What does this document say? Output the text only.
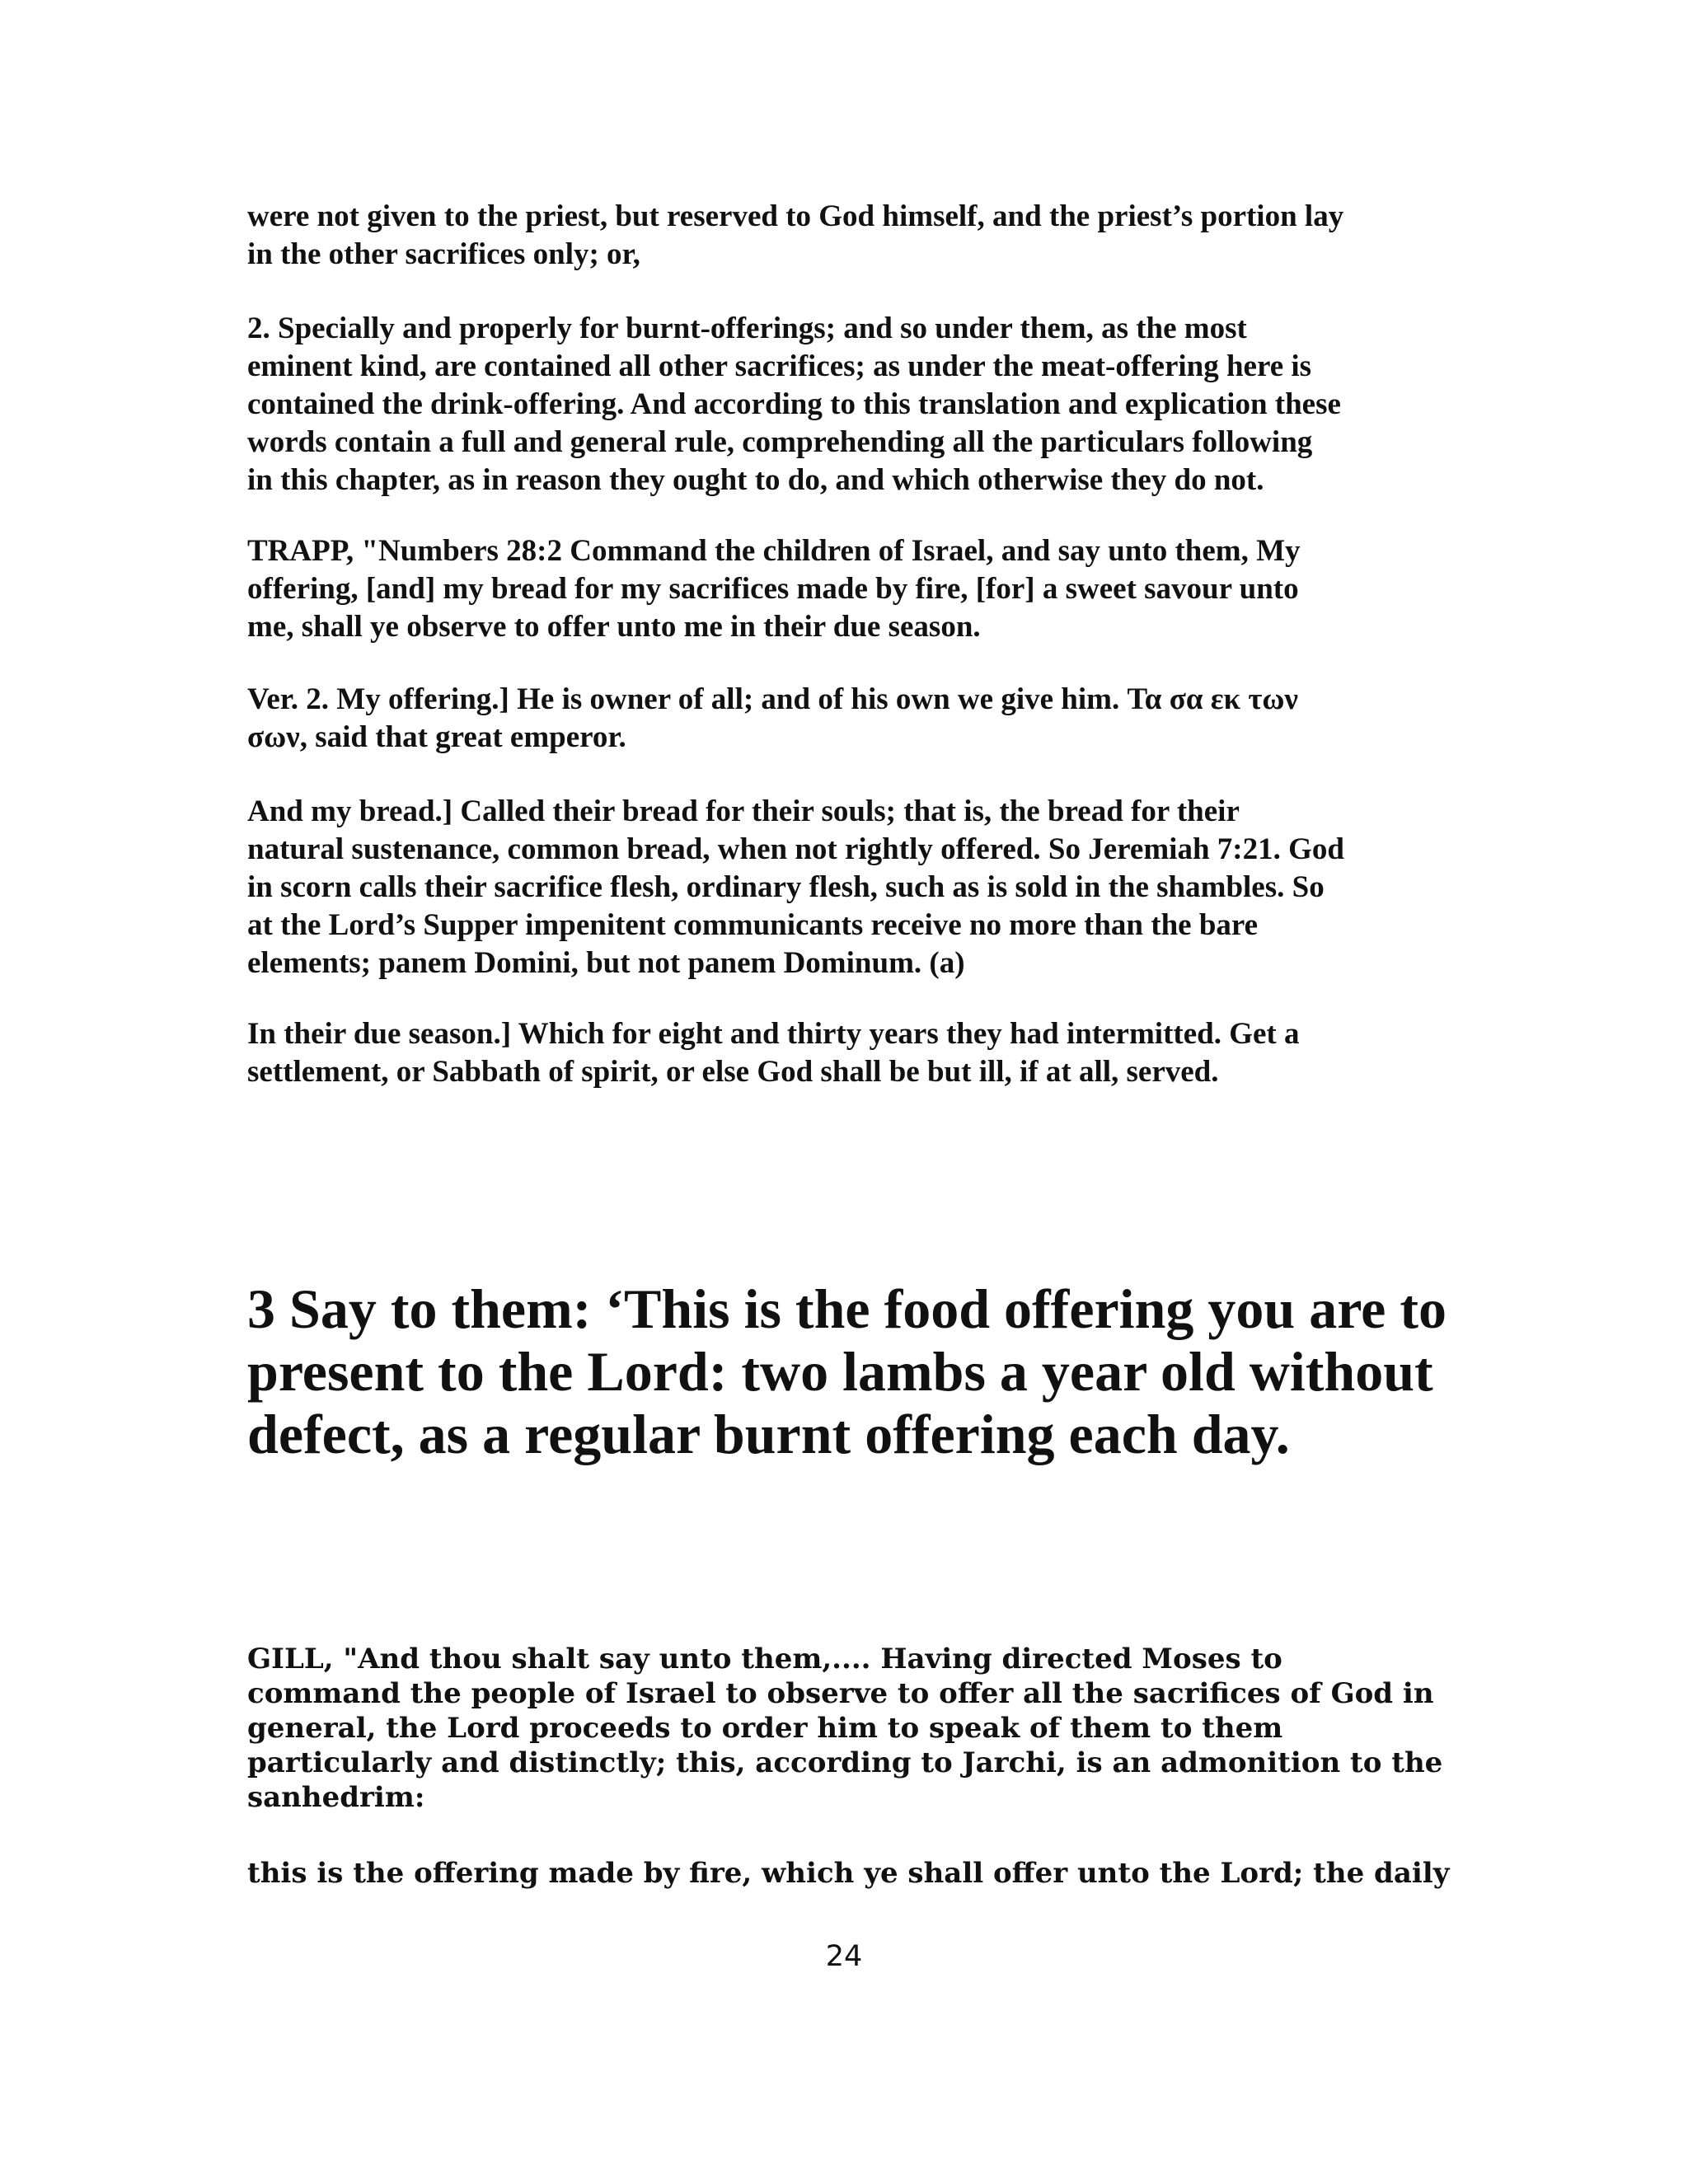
were not given to the priest, but reserved to God himself, and the priest’s portion lay
in the other sacrifices only; or,

2. Specially and properly for burnt-offerings; and so under them, as the most
eminent kind, are contained all other sacrifices; as under the meat-offering here is
contained the drink-offering. And according to this translation and explication these
words contain a full and general rule, comprehending all the particulars following
in this chapter, as in reason they ought to do, and which otherwise they do not.

TRAPP, "Numbers 28:2 Command the children of Israel, and say unto them, My
offering, [and] my bread for my sacrifices made by fire, [for] a sweet savour unto
me, shall ye observe to offer unto me in their due season.

Ver. 2. My offering.] He is owner of all; and of his own we give him. Τα σα εκ των
σων, said that great emperor.

And my bread.] Called their bread for their souls; that is, the bread for their
natural sustenance, common bread, when not rightly offered. So Jeremiah 7:21. God
in scorn calls their sacrifice flesh, ordinary flesh, such as is sold in the shambles. So
at the Lord’s Supper impenitent communicants receive no more than the bare
elements; panem Domini, but not panem Dominum. (a)

In their due season.] Which for eight and thirty years they had intermitted. Get a
settlement, or Sabbath of spirit, or else God shall be but ill, if at all, served.

3 Say to them: ‘This is the food offering you are to
present to the Lord: two lambs a year old without
defect, as a regular burnt offering each day.

GILL, "And thou shalt say unto them,.... Having directed Moses to
command the people of Israel to observe to offer all the sacrifices of God in
general, the Lord proceeds to order him to speak of them to them
particularly and distinctly; this, according to Jarchi, is an admonition to the
sanhedrim:

this is the offering made by fire, which ye shall offer unto the Lord; the daily

24
